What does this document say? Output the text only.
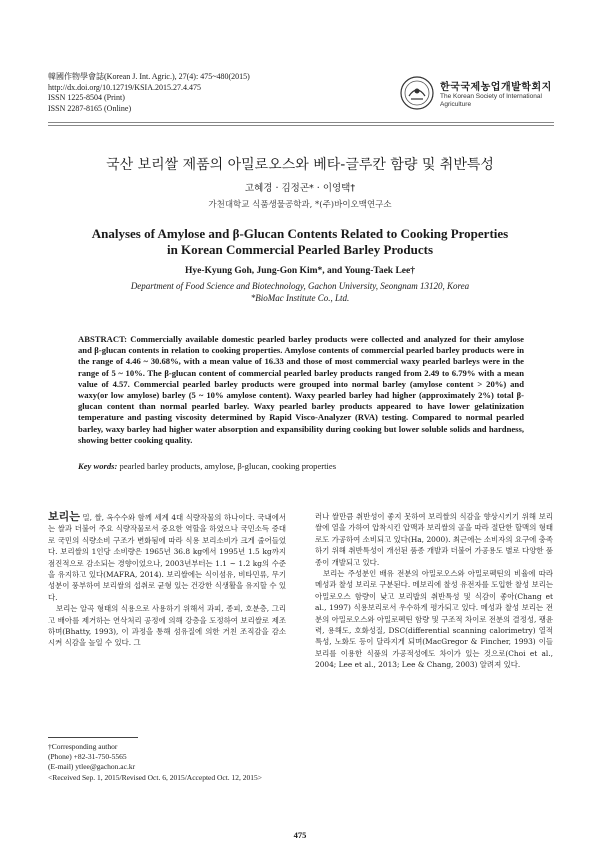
韓國作物學會誌(Korean J. Int. Agric.), 27(4): 475~480(2015)
http://dx.doi.org/10.12719/KSIA.2015.27.4.475
ISSN 1225-8504 (Print)
ISSN 2287-8165 (Online)
한국국제농업개발학회지
The Korean Society of International
Agriculture
국산 보리쌀 제품의 아밀로오스와 베타-글루칸 함량 및 취반특성
고혜경 · 김정곤* · 이영택†
가천대학교 식품생물공학과, *(주)바이오맥연구소
Analyses of Amylose and β-Glucan Contents Related to Cooking Properties
in Korean Commercial Pearled Barley Products
Hye-Kyung Goh, Jung-Gon Kim*, and Young-Taek Lee†
Department of Food Science and Biotechnology, Gachon University, Seongnam 13120, Korea
*BioMac Institute Co., Ltd.
ABSTRACT: Commercially available domestic pearled barley products were collected and analyzed for their amylose and β-glucan contents in relation to cooking properties. Amylose contents of commercial pearled barley products were in the range of 4.46 ~ 30.68%, with a mean value of 16.33 and those of most commercial waxy pearled barleys were in the range of 5 ~ 10%. The β-glucan content of commercial pearled barley products ranged from 2.49 to 6.79% with a mean value of 4.57. Commercial pearled barley products were grouped into normal barley (amylose content > 20%) and waxy(or low amylose) barley (5 ~ 10% amylose content). Waxy pearled barley had higher (approximately 2%) total β-glucan content than normal pearled barley. Waxy pearled barley products appeared to have lower gelatinization temperature and pasting viscosity determined by Rapid Visco-Analyzer (RVA) testing. Compared to normal pearled barley, waxy barley had higher water absorption and expansibility during cooking but lower soluble solids and hardness, showing better cooking quality.
Key words: pearled barley products, amylose, β-glucan, cooking properties

보리는 밀, 쌀, 옥수수와 함께 세계 4대 식량작물의 하나이다. 국내에서는 쌀과 더불어 주요 식량작물로서 중요한 역할을 하였으나 국민소득 증대로 국민의 식량소비 구조가 변화됨에 따라 식용 보리소비가 크게 줄어들었다. 보리쌀의 1인당 소비량은 1965년 36.8 kg에서 1995년 1.5 kg까지 점진적으로 감소되는 경향이었으나, 2003년부터는 1.1 ~ 1.2 kg의 수준을 유지하고 있다(MAFRA, 2014). 보리쌀에는 식이섬유, 비타민류, 무기성분이 풍부하여 보리쌀의 섭취로 균형 있는 건강한 식생활을 유지할 수 있다.

보리는 알곡 형태의 식용으로 사용하기 위해서 과피, 종피, 호분층, 그리고 배아를 제거하는 연삭처리 공정에 의해 강층을 도정하여 보리쌀로 제조하며(Bhatty, 1993), 이 과정을 통해 섬유질에 의한 거친 조직감을 감소시켜 식감을 높일 수 있다. 그

러나 쌀만큼 취반성이 좋지 못하여 보리쌀의 식감을 향상시키기 위해 보리쌀에 열을 가하여 압착시킨 압맥과 보리쌀의 골을 따라 절단한 할맥의 형태로도 가공하여 소비되고 있다(Ha, 2000). 최근에는 소비자의 요구에 충족하기 위해 취반특성이 개선된 품종 개발과 더불어 가공용도 별로 다양한 품종이 개발되고 있다.

보리는 주성분인 배유 전분의 아밀로오스와 아밀로펙틴의 비율에 따라 메성과 찰성 보리로 구분된다. 메보리에 찰성 유전자를 도입한 찰성 보리는 아밀로오스 함량이 낮고 보리밥의 취반특성 및 식감이 좋아(Chang et al., 1997) 식용보리로서 우수하게 평가되고 있다. 메성과 찰성 보리는 전분의 아밀로오스와 아밀로펙틴 함량 및 구조적 차이로 전분의 결정성, 팽윤력, 용해도, 호화성질, DSC(differential scanning calorimetry) 열적 특성, 노화도 등이 달라지게 되며(MacGregor & Fincher, 1993) 이들 보리를 이용한 식품의 가공적성에도 차이가 있는 것으로(Choi et al., 2004; Lee et al., 2013; Lee & Chang, 2003) 알려져 있다.

†Corresponding author
(Phone) +82-31-750-5565
(E-mail) ytlee@gachon.ac.kr
<Received Sep. 1, 2015/Revised Oct. 6, 2015/Accepted Oct. 12, 2015>
475
